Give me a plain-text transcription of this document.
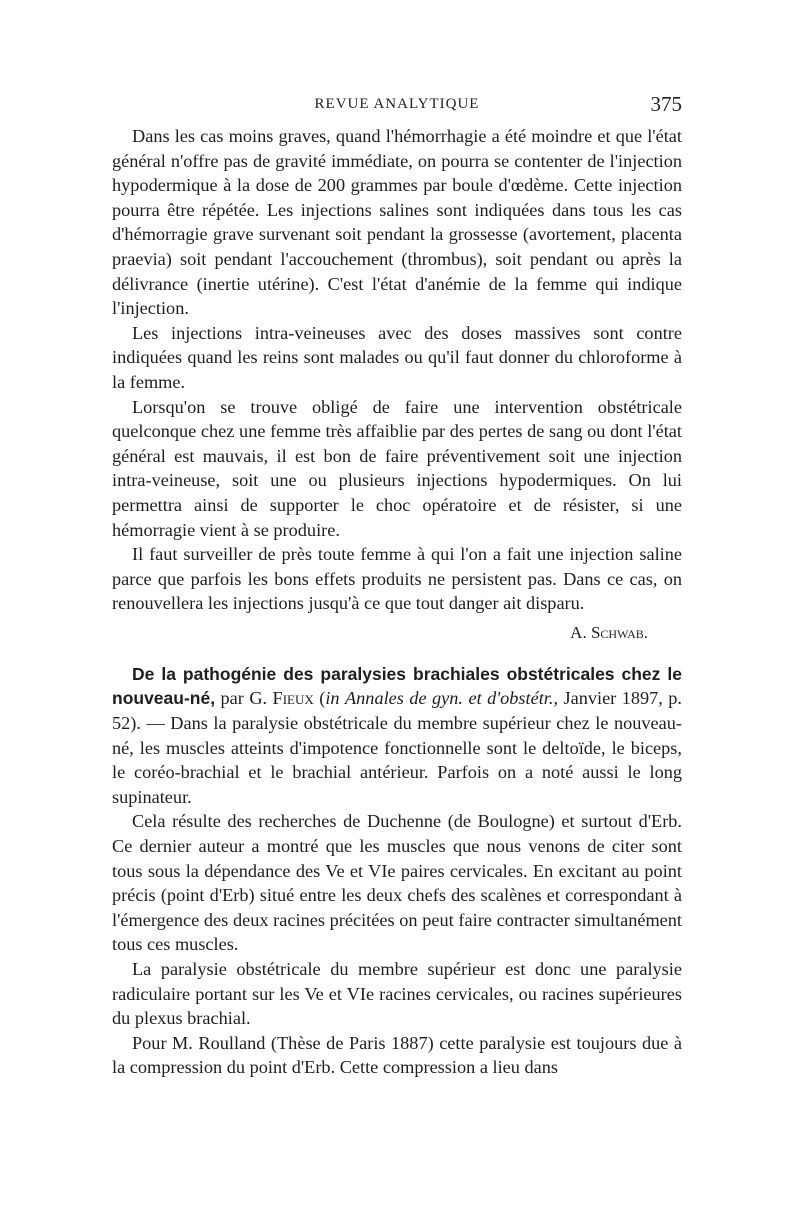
REVUE ANALYTIQUE	375

Dans les cas moins graves, quand l'hémorrhagie a été moindre et que l'état général n'offre pas de gravité immédiate, on pourra se contenter de l'injection hypodermique à la dose de 200 grammes par boule d'œdème. Cette injection pourra être répétée. Les injections salines sont indiquées dans tous les cas d'hémorragie grave survenant soit pendant la grossesse (avortement, placenta praevia) soit pendant l'accouchement (thrombus), soit pendant ou après la délivrance (inertie utérine). C'est l'état d'anémie de la femme qui indique l'injection.

Les injections intra-veineuses avec des doses massives sont contre indiquées quand les reins sont malades ou qu'il faut donner du chloroforme à la femme.

Lorsqu'on se trouve obligé de faire une intervention obstétricale quelconque chez une femme très affaiblie par des pertes de sang ou dont l'état général est mauvais, il est bon de faire préventivement soit une injection intra-veineuse, soit une ou plusieurs injections hypodermiques. On lui permettra ainsi de supporter le choc opératoire et de résister, si une hémorragie vient à se produire.

Il faut surveiller de près toute femme à qui l'on a fait une injection saline parce que parfois les bons effets produits ne persistent pas. Dans ce cas, on renouvellera les injections jusqu'à ce que tout danger ait disparu.

A. Schwab.

De la pathogénie des paralysies brachiales obstétricales chez le nouveau-né, par G. Fieux (in Annales de gyn. et d'obstétr., Janvier 1897, p. 52). — Dans la paralysie obstétricale du membre supérieur chez le nouveau-né, les muscles atteints d'impotence fonctionnelle sont le deltoïde, le biceps, le coréo-brachial et le brachial antérieur. Parfois on a noté aussi le long supinateur.

Cela résulte des recherches de Duchenne (de Boulogne) et surtout d'Erb. Ce dernier auteur a montré que les muscles que nous venons de citer sont tous sous la dépendance des Ve et VIe paires cervicales. En excitant au point précis (point d'Erb) situé entre les deux chefs des scalènes et correspondant à l'émergence des deux racines précitées on peut faire contracter simultanément tous ces muscles.

La paralysie obstétricale du membre supérieur est donc une paralysie radiculaire portant sur les Ve et VIe racines cervicales, ou racines supérieures du plexus brachial.

Pour M. Roulland (Thèse de Paris 1887) cette paralysie est toujours due à la compression du point d'Erb. Cette compression a lieu dans
